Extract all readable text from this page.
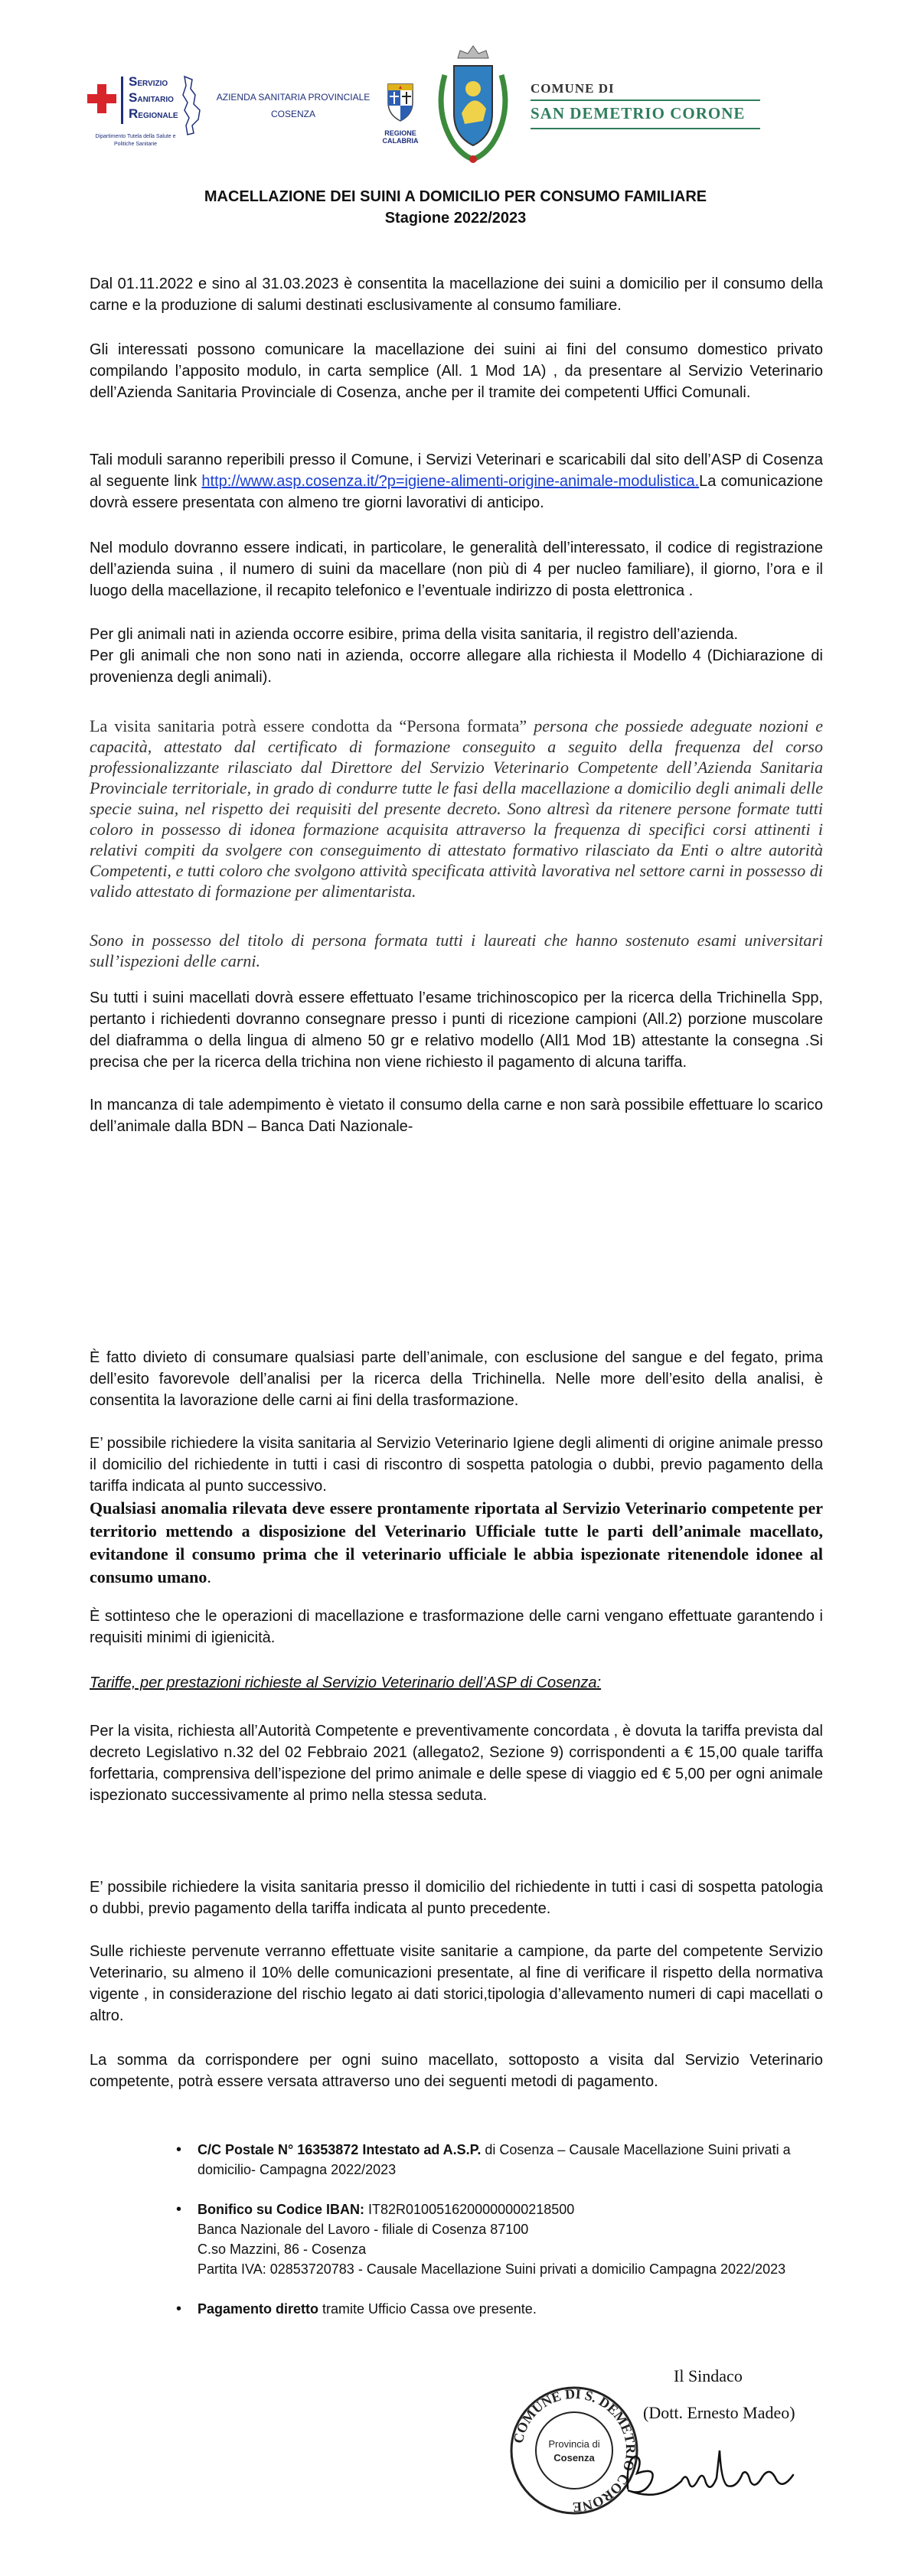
SERVIZIO
SANITARIO
REGIONALE
Dipartimento Tutela della Salute e Politiche Sanitarie
AZIENDA SANITARIA PROVINCIALE COSENZA
REGIONE CALABRIA
COMUNE DI
SAN DEMETRIO CORONE
MACELLAZIONE DEI SUINI A DOMICILIO PER CONSUMO FAMILIARE
Stagione 2022/2023
Dal 01.11.2022 e sino al 31.03.2023 è consentita la macellazione dei suini a domicilio per il consumo della carne e la produzione di salumi destinati esclusivamente al consumo familiare.
Gli interessati possono comunicare la macellazione dei suini ai fini del consumo domestico privato compilando l’apposito modulo, in carta semplice (All. 1 Mod 1A) , da presentare al Servizio Veterinario dell’Azienda Sanitaria Provinciale di Cosenza, anche per il tramite dei competenti Uffici Comunali.
Tali moduli saranno reperibili presso il Comune, i Servizi Veterinari e scaricabili dal sito dell’ASP di Cosenza al seguente link http://www.asp.cosenza.it/?p=igiene-alimenti-origine-animale-modulistica.La comunicazione dovrà essere presentata con almeno tre giorni lavorativi di anticipo.
Nel modulo dovranno essere indicati, in particolare, le generalità dell’interessato, il codice di registrazione dell’azienda suina , il numero di suini da macellare (non più di 4 per nucleo familiare), il giorno, l’ora e il luogo della macellazione, il recapito telefonico e l’eventuale indirizzo di posta elettronica .
Per gli animali nati in azienda occorre esibire, prima della visita sanitaria, il registro dell’azienda.
Per gli animali che non sono nati in azienda, occorre allegare alla richiesta il Modello 4 (Dichiarazione di provenienza degli animali).
La visita sanitaria potrà essere condotta da “Persona formata” persona che possiede adeguate nozioni e capacità, attestato dal certificato di formazione conseguito a seguito della frequenza del corso professionalizzante rilasciato dal Direttore del Servizio Veterinario Competente dell’Azienda Sanitaria Provinciale territoriale, in grado di condurre tutte le fasi della macellazione a domicilio degli animali delle specie suina, nel rispetto dei requisiti del presente decreto. Sono altresì da ritenere persone formate tutti coloro in possesso di idonea formazione acquisita attraverso la frequenza di specifici corsi attinenti i relativi compiti da svolgere con conseguimento di attestato formativo rilasciato da Enti o altre autorità Competenti, e tutti coloro che svolgono attività specificata attività lavorativa nel settore carni in possesso di valido attestato di formazione per alimentarista.
Sono in possesso del titolo di persona formata tutti i laureati che hanno sostenuto esami universitari sull’ispezioni delle carni.
Su tutti i suini macellati dovrà essere effettuato l’esame trichinoscopico per la ricerca della Trichinella Spp, pertanto i richiedenti dovranno consegnare presso i punti di ricezione campioni (All.2) porzione muscolare del diaframma o della lingua di almeno 50 gr e relativo modello (All1 Mod 1B) attestante la consegna .Si precisa che per la ricerca della trichina non viene richiesto il pagamento di alcuna tariffa.
In mancanza di tale adempimento è vietato il consumo della carne e non sarà possibile effettuare lo scarico dell’animale dalla BDN – Banca Dati Nazionale-
È fatto divieto di consumare qualsiasi parte dell’animale, con esclusione del sangue e del fegato, prima dell’esito favorevole dell’analisi per la ricerca della Trichinella. Nelle more dell’esito della analisi, è consentita la lavorazione delle carni ai fini della trasformazione.
E’ possibile richiedere la visita sanitaria al Servizio Veterinario Igiene degli alimenti di origine animale presso il domicilio del richiedente in tutti i casi di riscontro di sospetta patologia o dubbi, previo pagamento della tariffa indicata al punto successivo.
Qualsiasi anomalia rilevata deve essere prontamente riportata al Servizio Veterinario competente per territorio mettendo a disposizione del Veterinario Ufficiale tutte le parti dell’animale macellato, evitandone il consumo prima che il veterinario ufficiale le abbia ispezionate ritenendole idonee al consumo umano.
È sottinteso che le operazioni di macellazione e trasformazione delle carni vengano effettuate garantendo i requisiti minimi di igienicità.
Tariffe, per prestazioni richieste al Servizio Veterinario dell’ASP di Cosenza:
Per la visita, richiesta all’Autorità Competente e preventivamente concordata , è dovuta la tariffa prevista dal decreto Legislativo n.32 del 02 Febbraio 2021 (allegato2, Sezione 9) corrispondenti a € 15,00 quale tariffa forfettaria, comprensiva dell’ispezione del primo animale e delle spese di viaggio ed € 5,00 per ogni animale ispezionato successivamente al primo nella stessa seduta.
E’ possibile richiedere la visita sanitaria presso il domicilio del richiedente in tutti i casi di sospetta patologia o dubbi, previo pagamento della tariffa indicata al punto precedente.
Sulle richieste pervenute verranno effettuate visite sanitarie a campione, da parte del competente Servizio Veterinario, su almeno il 10% delle comunicazioni presentate, al fine di verificare il rispetto della normativa vigente , in considerazione del rischio legato ai dati storici,tipologia d’allevamento numeri di capi macellati o altro.
La somma da corrispondere per ogni suino macellato, sottoposto a visita dal Servizio Veterinario competente, potrà essere versata attraverso uno dei seguenti metodi di pagamento.
• C/C Postale N° 16353872 Intestato ad A.S.P. di Cosenza – Causale Macellazione Suini privati a domicilio- Campagna 2022/2023
• Bonifico su Codice IBAN: IT82R0100516200000000218500
Banca Nazionale del Lavoro - filiale di Cosenza 87100
C.so Mazzini, 86 - Cosenza
Partita IVA: 02853720783 - Causale Macellazione Suini privati a domicilio Campagna 2022/2023
• Pagamento diretto tramite Ufficio Cassa ove presente.
Il Sindaco
(Dott. Ernesto Madeo)
COMUNE DI S. DEMETRIO CORONE
Provincia di
Cosenza
